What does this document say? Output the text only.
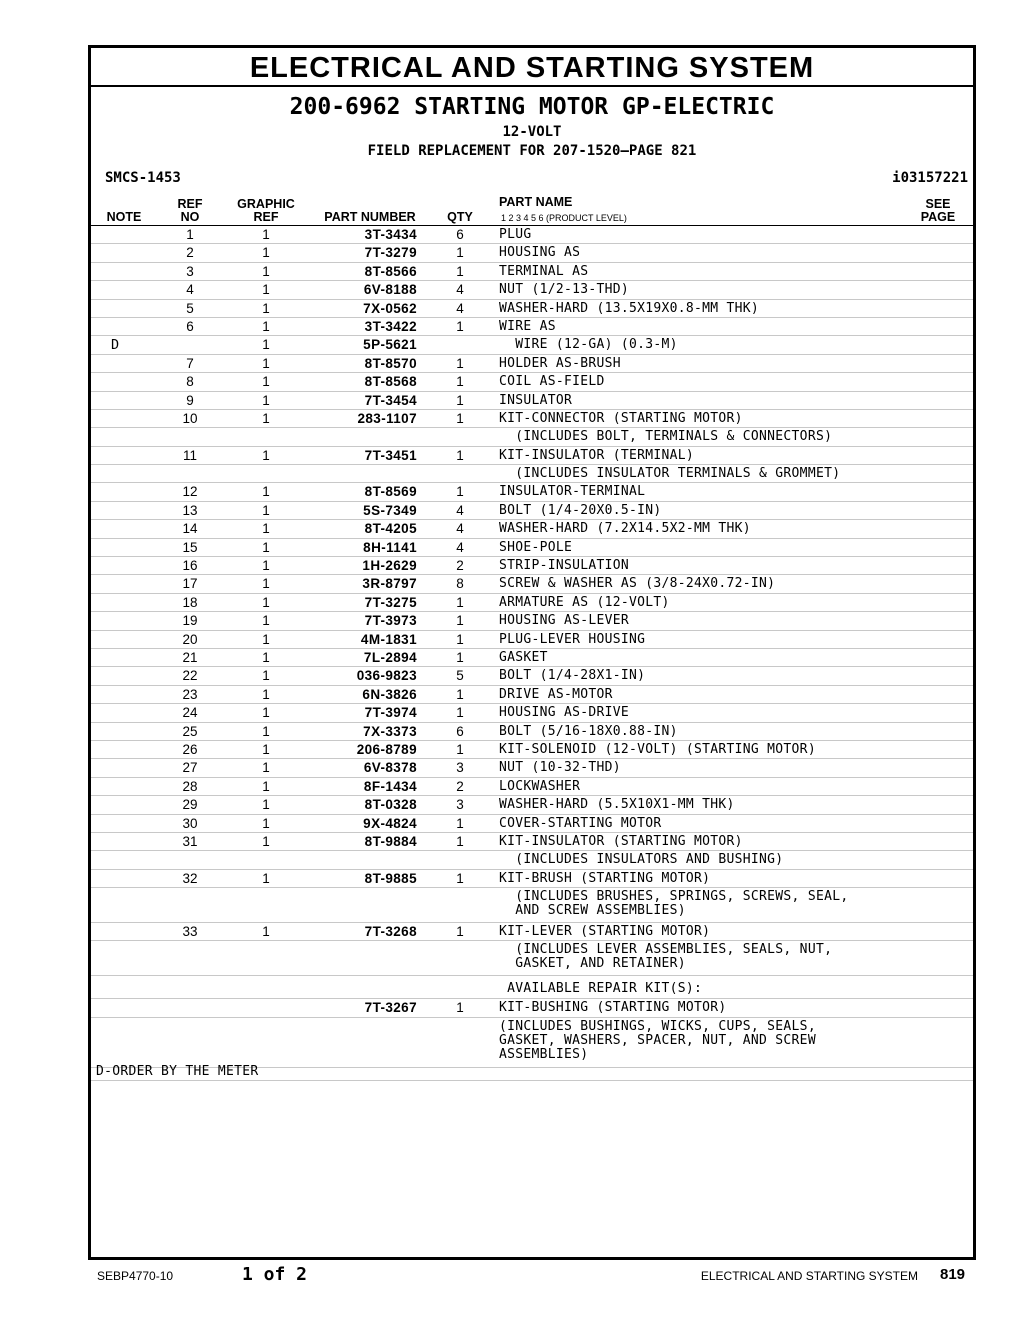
ELECTRICAL AND STARTING SYSTEM
200-6962 STARTING MOTOR GP-ELECTRIC
12-VOLT
FIELD REPLACEMENT FOR 207-1520—PAGE 821
SMCS-1453	i03157221
NOTE
REF
NO
GRAPHIC
REF	PART NUMBER	QTY
PART NAME
1 2 3 4 5 6 (PRODUCT LEVEL)
SEE
PAGE
1	1	3T-3434	6	PLUG
2	1	7T-3279	1	HOUSING AS
3	1	8T-8566	1	TERMINAL AS
4	1	6V-8188	4	NUT (1/2-13-THD)
5	1	7X-0562	4	WASHER-HARD (13.5X19X0.8-MM THK)
6	1	3T-3422	1	WIRE AS
D	1	5P-5621	WIRE (12-GA) (0.3-M)
7	1	8T-8570	1	HOLDER AS-BRUSH
8	1	8T-8568	1	COIL AS-FIELD
9	1	7T-3454	1	INSULATOR
10	1	283-1107	1	KIT-CONNECTOR (STARTING MOTOR)
(INCLUDES BOLT, TERMINALS & CONNECTORS)
11	1	7T-3451	1	KIT-INSULATOR (TERMINAL)
(INCLUDES INSULATOR TERMINALS & GROMMET)
12	1	8T-8569	1	INSULATOR-TERMINAL
13	1	5S-7349	4	BOLT (1/4-20X0.5-IN)
14	1	8T-4205	4	WASHER-HARD (7.2X14.5X2-MM THK)
15	1	8H-1141	4	SHOE-POLE
16	1	1H-2629	2	STRIP-INSULATION
17	1	3R-8797	8	SCREW & WASHER AS (3/8-24X0.72-IN)
18	1	7T-3275	1	ARMATURE AS (12-VOLT)
19	1	7T-3973	1	HOUSING AS-LEVER
20	1	4M-1831	1	PLUG-LEVER HOUSING
21	1	7L-2894	1	GASKET
22	1	036-9823	5	BOLT (1/4-28X1-IN)
23	1	6N-3826	1	DRIVE AS-MOTOR
24	1	7T-3974	1	HOUSING AS-DRIVE
25	1	7X-3373	6	BOLT (5/16-18X0.88-IN)
26	1	206-8789	1	KIT-SOLENOID (12-VOLT) (STARTING MOTOR)
27	1	6V-8378	3	NUT (10-32-THD)
28	1	8F-1434	2	LOCKWASHER
29	1	8T-0328	3	WASHER-HARD (5.5X10X1-MM THK)
30	1	9X-4824	1	COVER-STARTING MOTOR
31	1	8T-9884	1	KIT-INSULATOR (STARTING MOTOR)
(INCLUDES INSULATORS AND BUSHING)
32	1	8T-9885	1	KIT-BRUSH (STARTING MOTOR)
(INCLUDES BRUSHES, SPRINGS, SCREWS, SEAL,
AND SCREW ASSEMBLIES)
33	1	7T-3268	1	KIT-LEVER (STARTING MOTOR)
(INCLUDES LEVER ASSEMBLIES, SEALS, NUT,
GASKET, AND RETAINER)
AVAILABLE REPAIR KIT(S):
7T-3267	1	KIT-BUSHING (STARTING MOTOR)
(INCLUDES BUSHINGS, WICKS, CUPS, SEALS,
GASKET, WASHERS, SPACER, NUT, AND SCREW
ASSEMBLIES)
D-ORDER BY THE METER
SEBP4770-10	1 of 2	ELECTRICAL AND STARTING SYSTEM 819
